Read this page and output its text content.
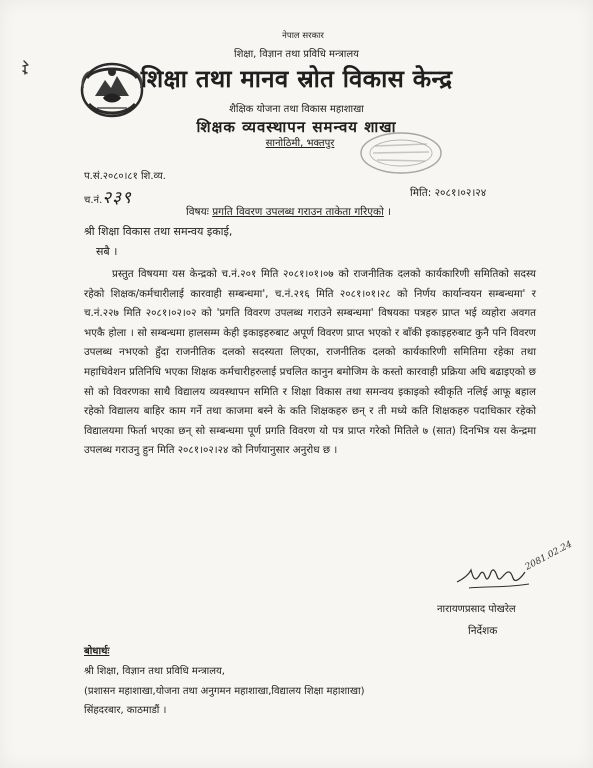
नेपाल सरकार
शिक्षा, विज्ञान तथा प्रविधि मन्त्रालय
शिक्षा तथा मानव स्रोत विकास केन्द्र
शैक्षिक योजना तथा विकास महाशाखा
शिक्षक व्यवस्थापन समन्वय शाखा
सानोठिमी, भक्तपुर
प.सं.२०८०।८१ शि.व्य.
च.नं.२३९	मिति: २०८१।०२।२४
विषयः प्रगति विवरण उपलब्ध गराउन ताकेता गरिएको ।
श्री शिक्षा विकास तथा समन्वय इकाई,
सबै ।
प्रस्तुत विषयमा यस केन्द्रको च.नं.२०१ मिति २०८१।०१।०७ को राजनीतिक दलको कार्यकारिणी समितिको सदस्य रहेको शिक्षक/कर्मचारीलाई कारवाही सम्बन्धमा', च.नं.२१६ मिति २०८१।०१।२८ को निर्णय कार्यान्वयन सम्बन्धमा' र च.नं.२२७ मिति २०८१।०२।०२ को 'प्रगति विवरण उपलब्ध गराउने सम्बन्धमा' विषयका पत्रहरु प्राप्त भई व्यहोरा अवगत भएकै होला । सो सम्बन्धमा हालसम्म केही इकाइहरुबाट अपूर्ण विवरण प्राप्त भएको र बाँकी इकाइहरुबाट कुनै पनि विवरण उपलब्ध नभएको हुँदा राजनीतिक दलको सदस्यता लिएका, राजनीतिक दलको कार्यकारिणी समितिमा रहेका तथा महाधिवेशन प्रतिनिधि भएका शिक्षक कर्मचारीहरुलाई प्रचलित कानुन बमोजिम के कस्तो कारवाही प्रक्रिया अघि बढाइएको छ सो को विवरणका साथै विद्यालय व्यवस्थापन समिति र शिक्षा विकास तथा समन्वय इकाइको स्वीकृति नलिई आफू बहाल रहेको विद्यालय बाहिर काम गर्ने तथा काजमा बस्ने के कति शिक्षकहरु छन् र ती मध्ये कति शिक्षकहरु पदाधिकार रहेको विद्यालयमा फिर्ता भएका छन् सो सम्बन्धमा पूर्ण प्रगति विवरण यो पत्र प्राप्त गरेको मितिले ७ (सात) दिनभित्र यस केन्द्रमा उपलब्ध गराउनु हुन मिति २०८१।०२।२४ को निर्णयानुसार अनुरोध छ ।
2081.02.24
नारायणप्रसाद पोखरेल
निर्देशक
बोधार्थः
श्री शिक्षा, विज्ञान तथा प्रविधि मन्त्रालय,
(प्रशासन महाशाखा,योजना तथा अनुगमन महाशाखा,विद्यालय शिक्षा महाशाखा)
सिंहदरबार, काठमाडौं ।
